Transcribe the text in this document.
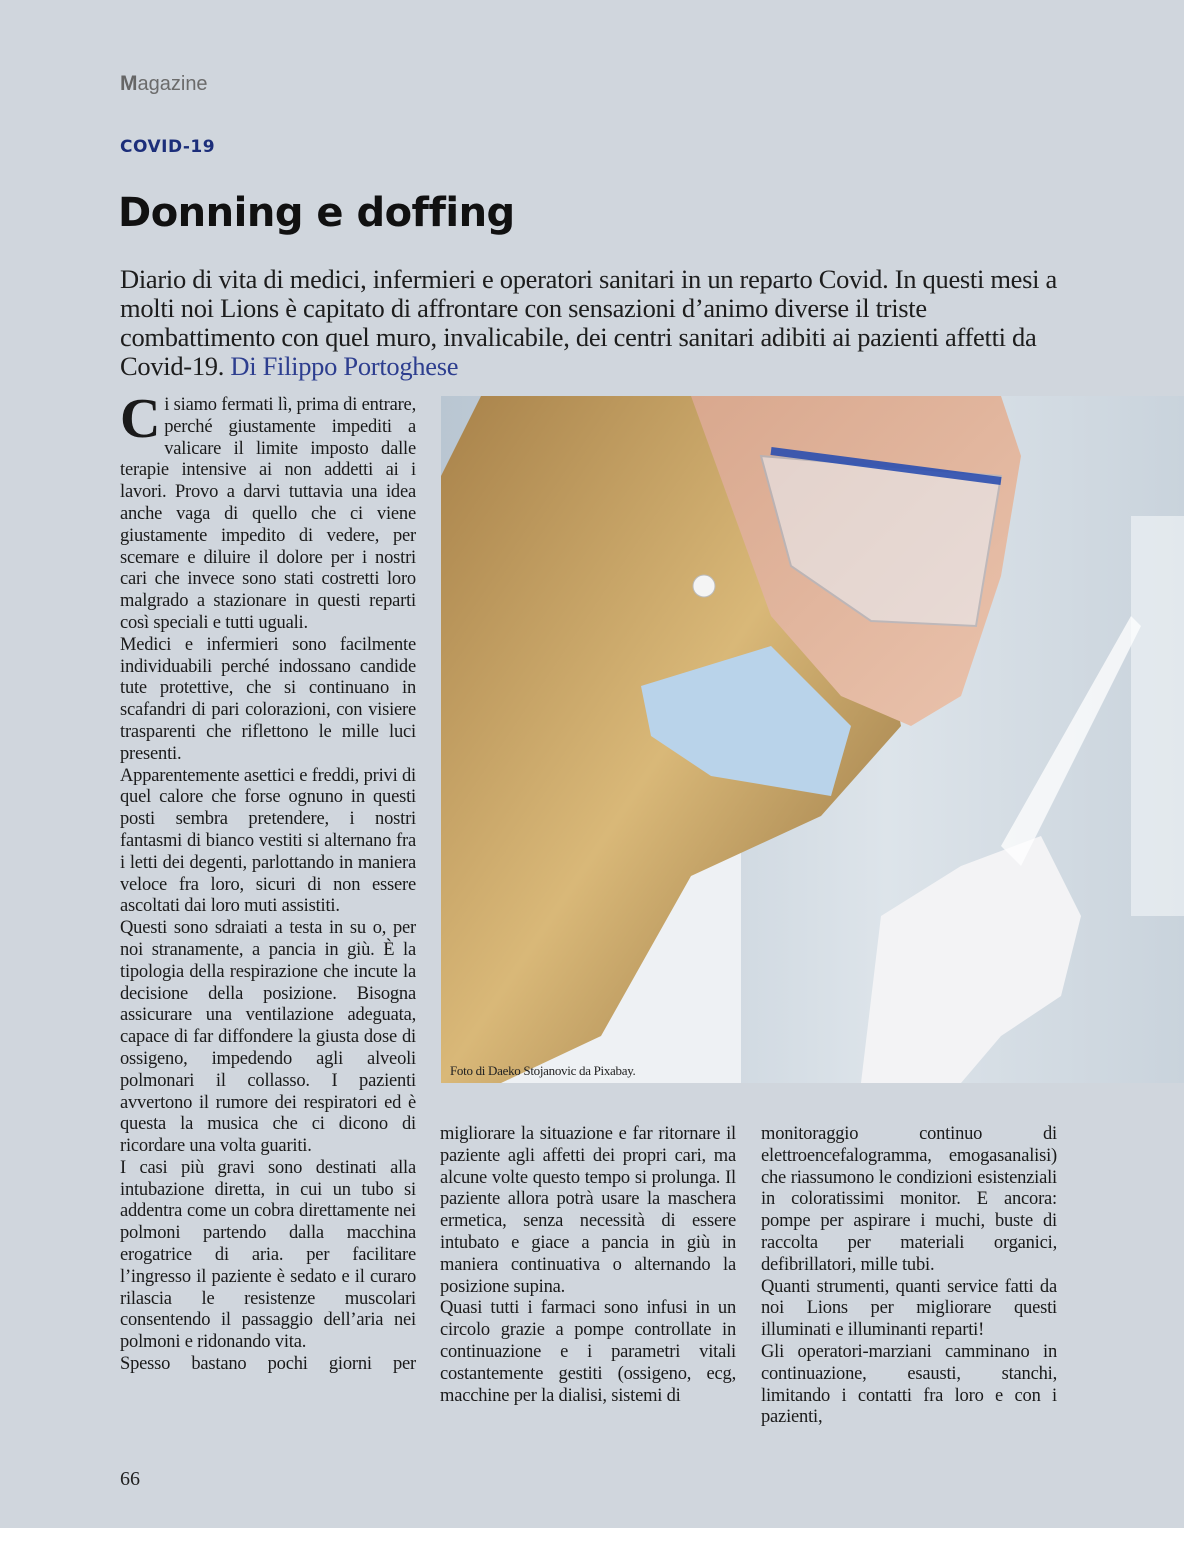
Magazine
COVID-19
Donning e doffing
Diario di vita di medici, infermieri e operatori sanitari in un reparto Covid. In questi mesi a molti noi Lions è capitato di affrontare con sensazioni d’animo diverse il triste combattimento con quel muro, invalicabile, dei centri sanitari adibiti ai pazienti affetti da Covid-19. Di Filippo Portoghese

Ci siamo fermati lì, prima di entrare, perché giustamente impediti a valicare il limite imposto dalle terapie intensive ai non addetti ai i lavori. Provo a darvi tuttavia una idea anche vaga di quello che ci viene giustamente impedito di vedere, per scemare e diluire il dolore per i nostri cari che invece sono stati costretti loro malgrado a stazionare in questi reparti così speciali e tutti uguali.

Medici e infermieri sono facilmente individuabili perché indossano candide tute protettive, che si continuano in scafandri di pari colorazioni, con visiere trasparenti che riflettono le mille luci presenti.

Apparentemente asettici e freddi, privi di quel calore che forse ognuno in questi posti sembra pretendere, i nostri fantasmi di bianco vestiti si alternano fra i letti dei degenti, parlottando in maniera veloce fra loro, sicuri di non essere ascoltati dai loro muti assistiti.

Questi sono sdraiati a testa in su o, per noi stranamente, a pancia in giù. È la tipologia della respirazione che incute la decisione della posizione. Bisogna assicurare una ventilazione adeguata, capace di far diffondere la giusta dose di ossigeno, impedendo agli alveoli polmonari il collasso. I pazienti avvertono il rumore dei respiratori ed è questa la musica che ci dicono di ricordare una volta guariti.

I casi più gravi sono destinati alla intubazione diretta, in cui un tubo si addentra come un cobra direttamente nei polmoni partendo dalla macchina erogatrice di aria. per facilitare l’ingresso il paziente è sedato e il curaro rilascia le resistenze muscolari consentendo il passaggio dell’aria nei polmoni e ridonando vita.

Spesso bastano pochi giorni per

Foto di Daeko Stojanovic da Pixabay.

migliorare la situazione e far ritornare il paziente agli affetti dei propri cari, ma alcune volte questo tempo si prolunga. Il paziente allora potrà usare la maschera ermetica, senza necessità di essere intubato e giace a pancia in giù in maniera continuativa o alternando la posizione supina.

Quasi tutti i farmaci sono infusi in un circolo grazie a pompe controllate in continuazione e i parametri vitali costantemente gestiti (ossigeno, ecg, macchine per la dialisi, sistemi di

monitoraggio continuo di elettroencefalogramma, emogasanalisi) che riassumono le condizioni esistenziali in coloratissimi monitor. E ancora: pompe per aspirare i muchi, buste di raccolta per materiali organici, defibrillatori, mille tubi.

Quanti strumenti, quanti service fatti da noi Lions per migliorare questi illuminati e illuminanti reparti!

Gli operatori-marziani camminano in continuazione, esausti, stanchi, limitando i contatti fra loro e con i pazienti,

66
